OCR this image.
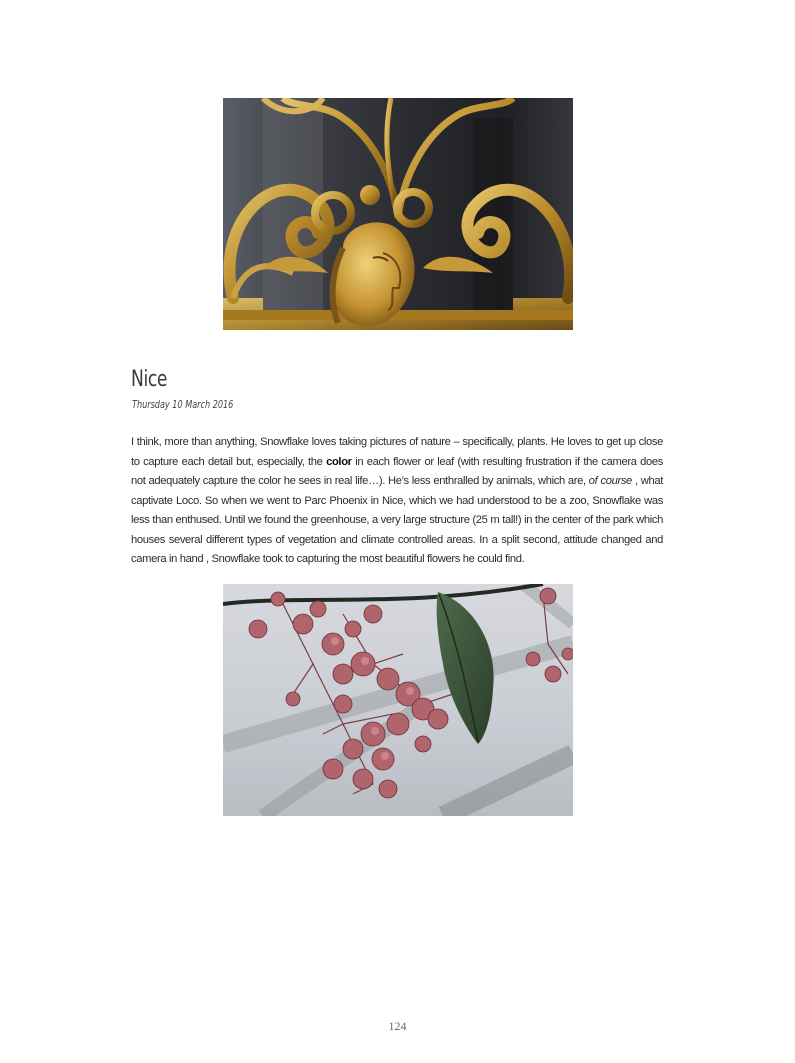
Nice
Thursday 10 March 2016

I think, more than anything, Snowflake loves taking pictures of nature – specifically, plants. He loves to get up close to capture each detail but, especially, the color in each flower or leaf (with resulting frustration if the camera does not adequately capture the color he sees in real life…). He’s less enthralled by animals, which are, of course , what captivate Loco. So when we went to Parc Phoenix in Nice, which we had understood to be a zoo, Snowflake was less than enthused. Until we found the greenhouse, a very large structure (25 m tall!) in the center of the park which houses several different types of vegetation and climate controlled areas. In a split second, attitude changed and camera in hand , Snowflake took to capturing the most beautiful flowers he could find.

124
